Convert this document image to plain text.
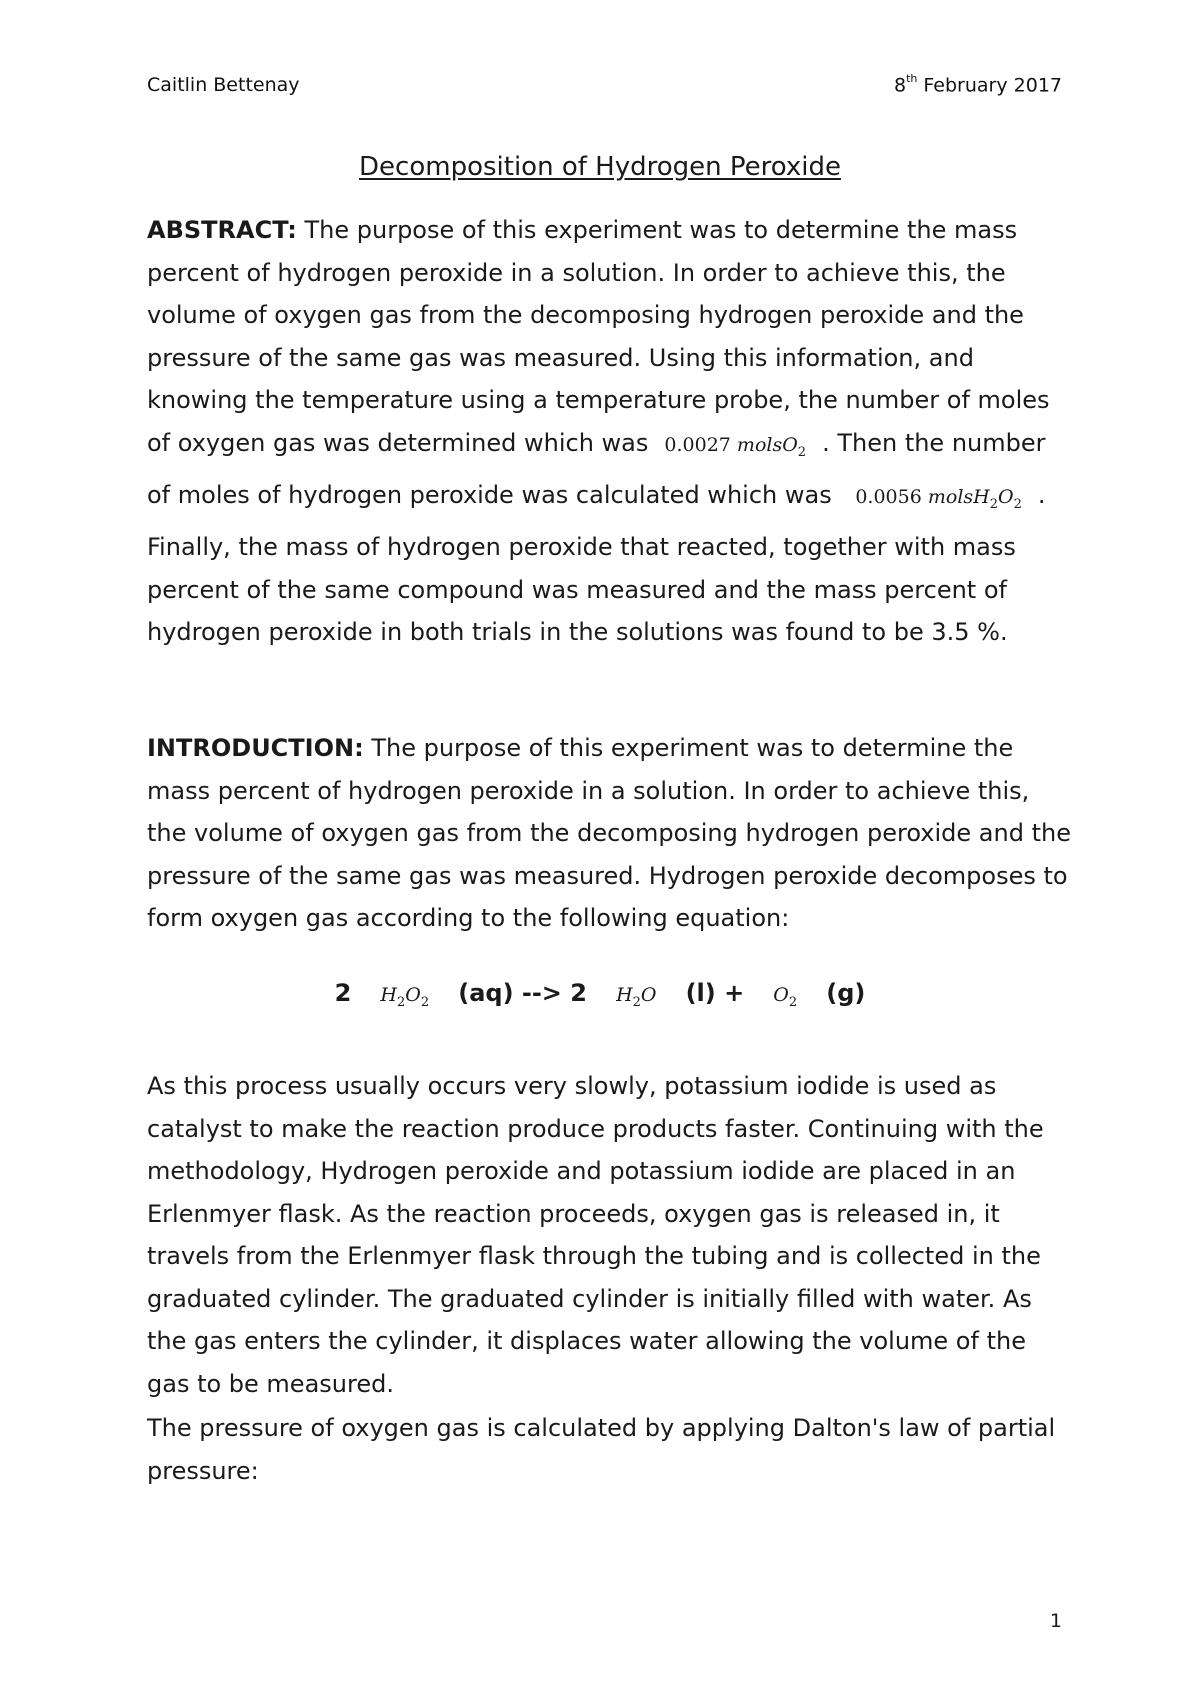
Caitlin Bettenay	8th February 2017
Decomposition of Hydrogen Peroxide

ABSTRACT: The purpose of this experiment was to determine the mass percent of hydrogen peroxide in a solution. In order to achieve this, the volume of oxygen gas from the decomposing hydrogen peroxide and the pressure of the same gas was measured. Using this information, and knowing the temperature using a temperature probe, the number of moles of oxygen gas was determined which was 0.0027 molsO$_2$ . Then the number of moles of hydrogen peroxide was calculated which was 0.0056 $molsH_2O_2$ . Finally, the mass of hydrogen peroxide that reacted, together with mass percent of the same compound was measured and the mass percent of hydrogen peroxide in both trials in the solutions was found to be 3.5 %.

INTRODUCTION: The purpose of this experiment was to determine the mass percent of hydrogen peroxide in a solution. In order to achieve this, the volume of oxygen gas from the decomposing hydrogen peroxide and the pressure of the same gas was measured. Hydrogen peroxide decomposes to form oxygen gas according to the following equation:

2 $H_2O_2$ (aq) --> 2 $H_2O$ $(l) + O_2$ (g)

As this process usually occurs very slowly, potassium iodide is used as catalyst to make the reaction produce products faster. Continuing with the methodology, Hydrogen peroxide and potassium iodide are placed in an Erlenmyer flask. As the reaction proceeds, oxygen gas is released in, it travels from the Erlenmyer flask through the tubing and is collected in the graduated cylinder. The graduated cylinder is initially filled with water. As the gas enters the cylinder, it displaces water allowing the volume of the gas to be measured.

The pressure of oxygen gas is calculated by applying Dalton's law of partial pressure:

1
